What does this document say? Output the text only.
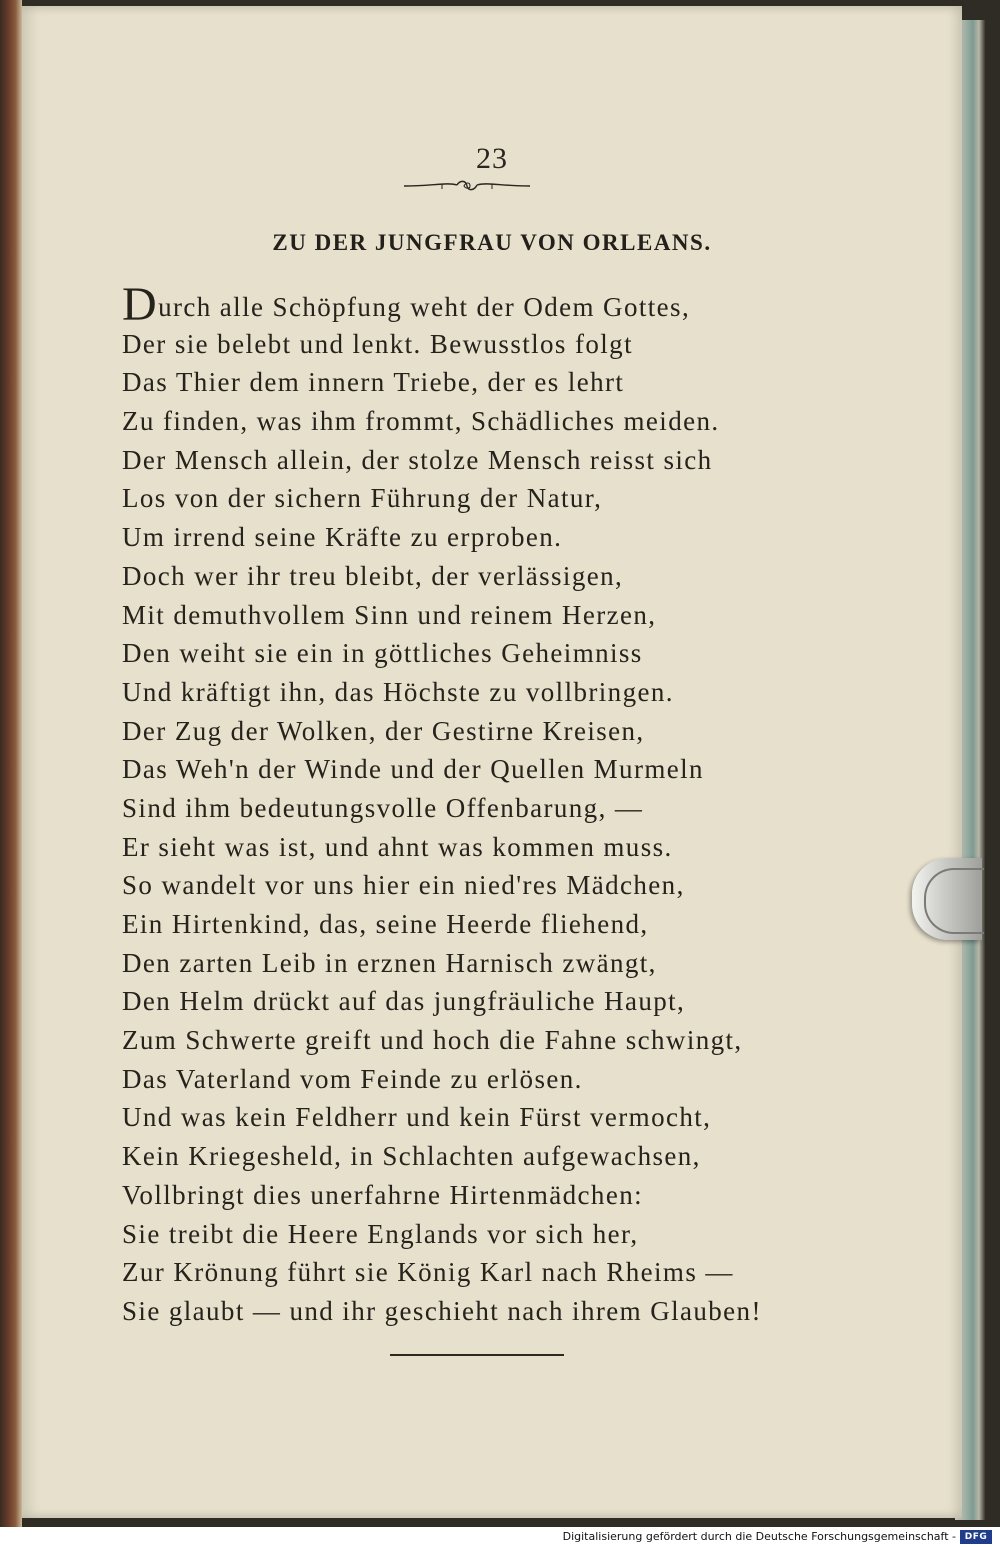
23
ZU DER JUNGFRAU VON ORLEANS.
Durch alle Schöpfung weht der Odem Gottes,
Der sie belebt und lenkt. Bewusstlos folgt
Das Thier dem innern Triebe, der es lehrt
Zu finden, was ihm frommt, Schädliches meiden.
Der Mensch allein, der stolze Mensch reisst sich
Los von der sichern Führung der Natur,
Um irrend seine Kräfte zu erproben.
Doch wer ihr treu bleibt, der verlässigen,
Mit demuthvollem Sinn und reinem Herzen,
Den weiht sie ein in göttliches Geheimniss
Und kräftigt ihn, das Höchste zu vollbringen.
Der Zug der Wolken, der Gestirne Kreisen,
Das Weh'n der Winde und der Quellen Murmeln
Sind ihm bedeutungsvolle Offenbarung, —
Er sieht was ist, und ahnt was kommen muss.
So wandelt vor uns hier ein nied'res Mädchen,
Ein Hirtenkind, das, seine Heerde fliehend,
Den zarten Leib in erznen Harnisch zwängt,
Den Helm drückt auf das jungfräuliche Haupt,
Zum Schwerte greift und hoch die Fahne schwingt,
Das Vaterland vom Feinde zu erlösen.
Und was kein Feldherr und kein Fürst vermocht,
Kein Kriegesheld, in Schlachten aufgewachsen,
Vollbringt dies unerfahrne Hirtenmädchen:
Sie treibt die Heere Englands vor sich her,
Zur Krönung führt sie König Karl nach Rheims —
Sie glaubt — und ihr geschieht nach ihrem Glauben!
Digitalisierung gefördert durch die Deutsche Forschungsgemeinschaft - DFG
